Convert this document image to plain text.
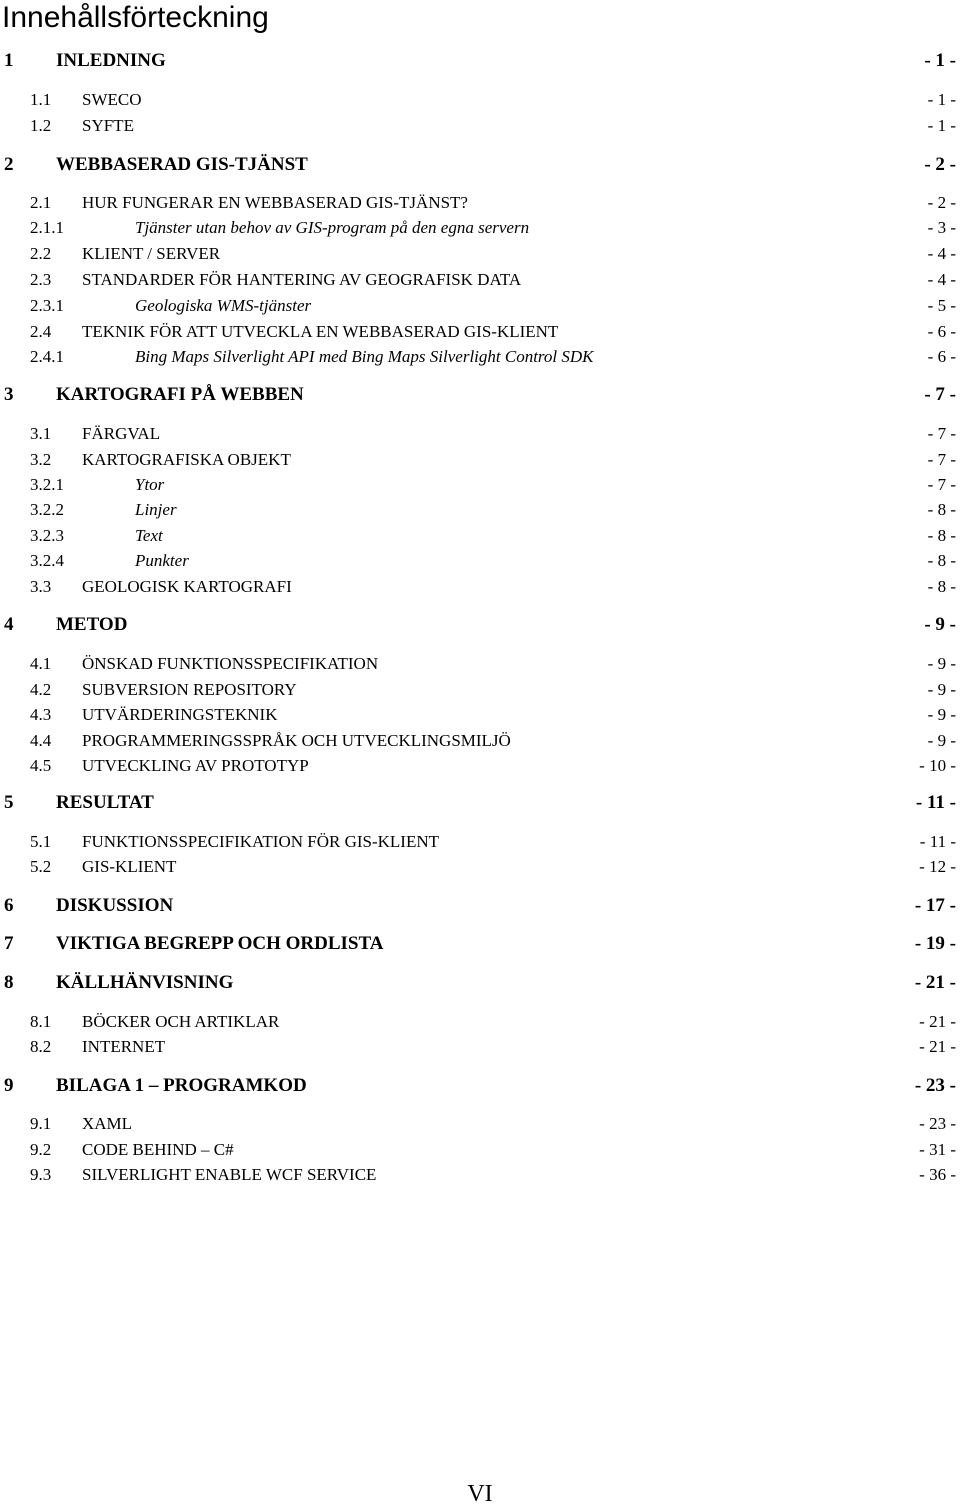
Innehållsförteckning
1	INLEDNING	- 1 -
1.1	SWECO	- 1 -
1.2	SYFTE	- 1 -
2	WEBBASERAD GIS-TJÄNST	- 2 -
2.1	HUR FUNGERAR EN WEBBASERAD GIS-TJÄNST?	- 2 -
2.1.1	Tjänster utan behov av GIS-program på den egna servern	- 3 -
2.2	KLIENT / SERVER	- 4 -
2.3	STANDARDER FÖR HANTERING AV GEOGRAFISK DATA	- 4 -
2.3.1	Geologiska WMS-tjänster	- 5 -
2.4	TEKNIK FÖR ATT UTVECKLA EN WEBBASERAD GIS-KLIENT	- 6 -
2.4.1	Bing Maps Silverlight API med Bing Maps Silverlight Control SDK	- 6 -
3	KARTOGRAFI PÅ WEBBEN	- 7 -
3.1	FÄRGVAL	- 7 -
3.2	KARTOGRAFISKA OBJEKT	- 7 -
3.2.1	Ytor	- 7 -
3.2.2	Linjer	- 8 -
3.2.3	Text	- 8 -
3.2.4	Punkter	- 8 -
3.3	GEOLOGISK KARTOGRAFI	- 8 -
4	METOD	- 9 -
4.1	ÖNSKAD FUNKTIONSSPECIFIKATION	- 9 -
4.2	SUBVERSION REPOSITORY	- 9 -
4.3	UTVÄRDERINGSTEKNIK	- 9 -
4.4	PROGRAMMERINGSSPRÅK OCH UTVECKLINGSMILJÖ	- 9 -
4.5	UTVECKLING AV PROTOTYP	- 10 -
5	RESULTAT	- 11 -
5.1	FUNKTIONSSPECIFIKATION FÖR GIS-KLIENT	- 11 -
5.2	GIS-KLIENT	- 12 -
6	DISKUSSION	- 17 -
7	VIKTIGA BEGREPP OCH ORDLISTA	- 19 -
8	KÄLLHÄNVISNING	- 21 -
8.1	BÖCKER OCH ARTIKLAR	- 21 -
8.2	INTERNET	- 21 -
9	BILAGA 1 – PROGRAMKOD	- 23 -
9.1	XAML	- 23 -
9.2	CODE BEHIND – C#	- 31 -
9.3	SILVERLIGHT ENABLE WCF SERVICE	- 36 -
VI
